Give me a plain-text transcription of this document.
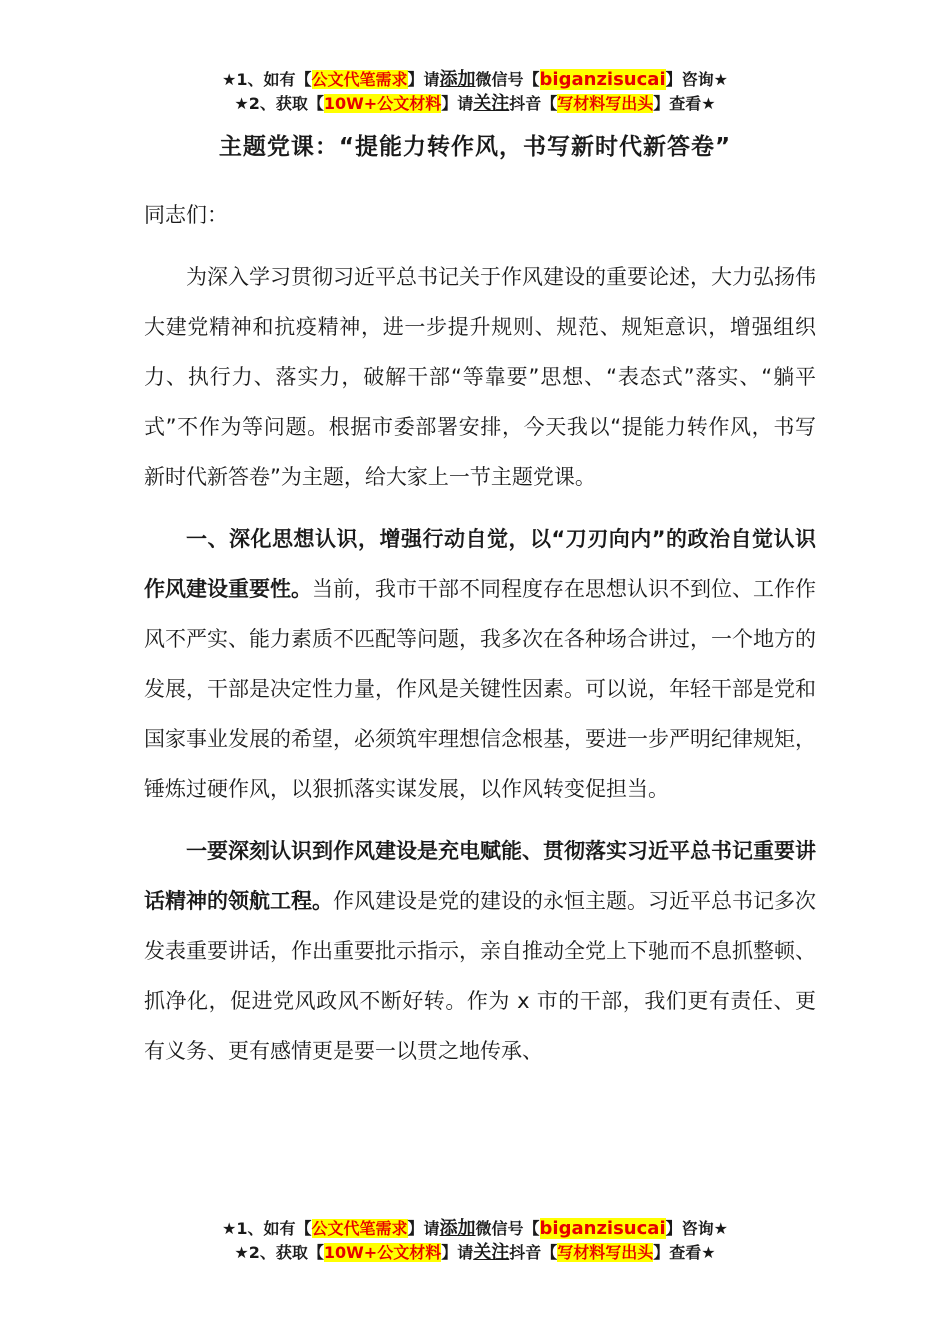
★1、如有【公文代笔需求】请添加微信号【biganzisucai】咨询★
★2、获取【10W+公文材料】请关注抖音【写材料写出头】查看★
主题党课：“提能力转作风，书写新时代新答卷”

同志们：

为深入学习贯彻习近平总书记关于作风建设的重要论述，大力弘扬伟大建党精神和抗疫精神，进一步提升规则、规范、规矩意识，增强组织力、执行力、落实力，破解干部“等靠要”思想、“表态式”落实、“躺平式”不作为等问题。根据市委部署安排，今天我以“提能力转作风，书写新时代新答卷”为主题，给大家上一节主题党课。

一、深化思想认识，增强行动自觉，以“刀刃向内”的政治自觉认识作风建设重要性。当前，我市干部不同程度存在思想认识不到位、工作作风不严实、能力素质不匹配等问题，我多次在各种场合讲过，一个地方的发展，干部是决定性力量，作风是关键性因素。可以说，年轻干部是党和国家事业发展的希望，必须筑牢理想信念根基，要进一步严明纪律规矩，锤炼过硬作风，以狠抓落实谋发展，以作风转变促担当。

一要深刻认识到作风建设是充电赋能、贯彻落实习近平总书记重要讲话精神的领航工程。作风建设是党的建设的永恒主题。习近平总书记多次发表重要讲话，作出重要批示指示，亲自推动全党上下驰而不息抓整顿、抓净化，促进党风政风不断好转。作为 x 市的干部，我们更有责任、更有义务、更有感情更是要一以贯之地传承、

★1、如有【公文代笔需求】请添加微信号【biganzisucai】咨询★
★2、获取【10W+公文材料】请关注抖音【写材料写出头】查看★
